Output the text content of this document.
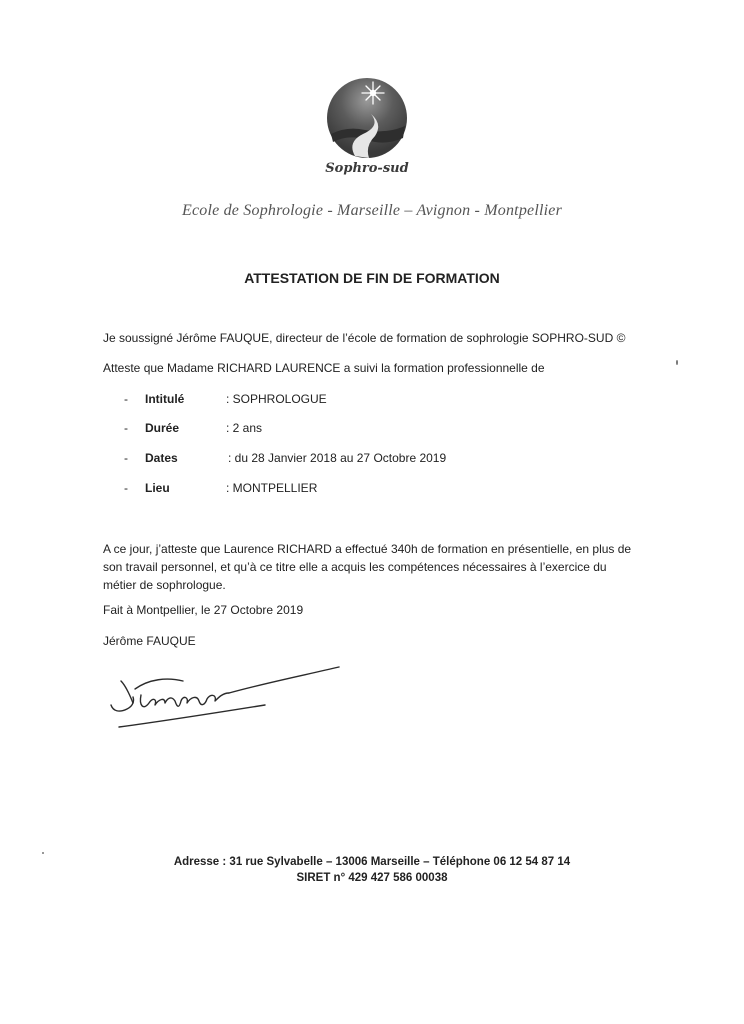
Sophro-sud
Ecole de Sophrologie - Marseille – Avignon - Montpellier
ATTESTATION DE FIN DE FORMATION
Je soussigné Jérôme FAUQUE, directeur de l’école de formation de sophrologie SOPHRO-SUD ©
Atteste que Madame RICHARD LAURENCE a suivi la formation professionnelle de
- Intitulé	: SOPHROLOGUE
- Durée	: 2 ans
- Dates	: du 28 Janvier 2018 au 27 Octobre 2019
- Lieu	: MONTPELLIER
A ce jour, j’atteste que Laurence RICHARD a effectué 340h de formation en présentielle, en plus de son travail personnel, et qu’à ce titre elle a acquis les compétences nécessaires à l’exercice du métier de sophrologue.
Fait à Montpellier, le 27 Octobre 2019
Jérôme FAUQUE
Adresse : 31 rue Sylvabelle – 13006 Marseille – Téléphone 06 12 54 87 14
SIRET n° 429 427 586 00038
